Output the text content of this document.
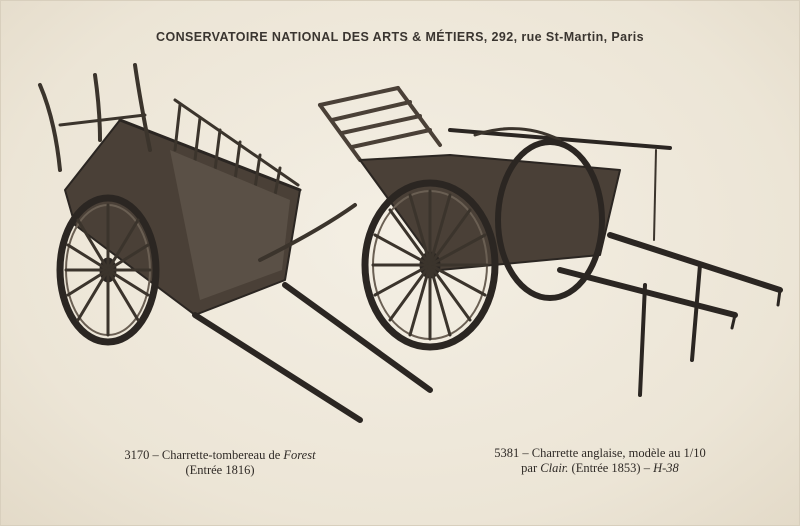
CONSERVATOIRE NATIONAL DES ARTS & MÉTIERS, 292, rue St-Martin, Paris
3170 – Charrette-tombereau de Forest
(Entrée 1816)
5381 – Charrette anglaise, modèle au 1/10
par Clair. (Entrée 1853) – H-38
